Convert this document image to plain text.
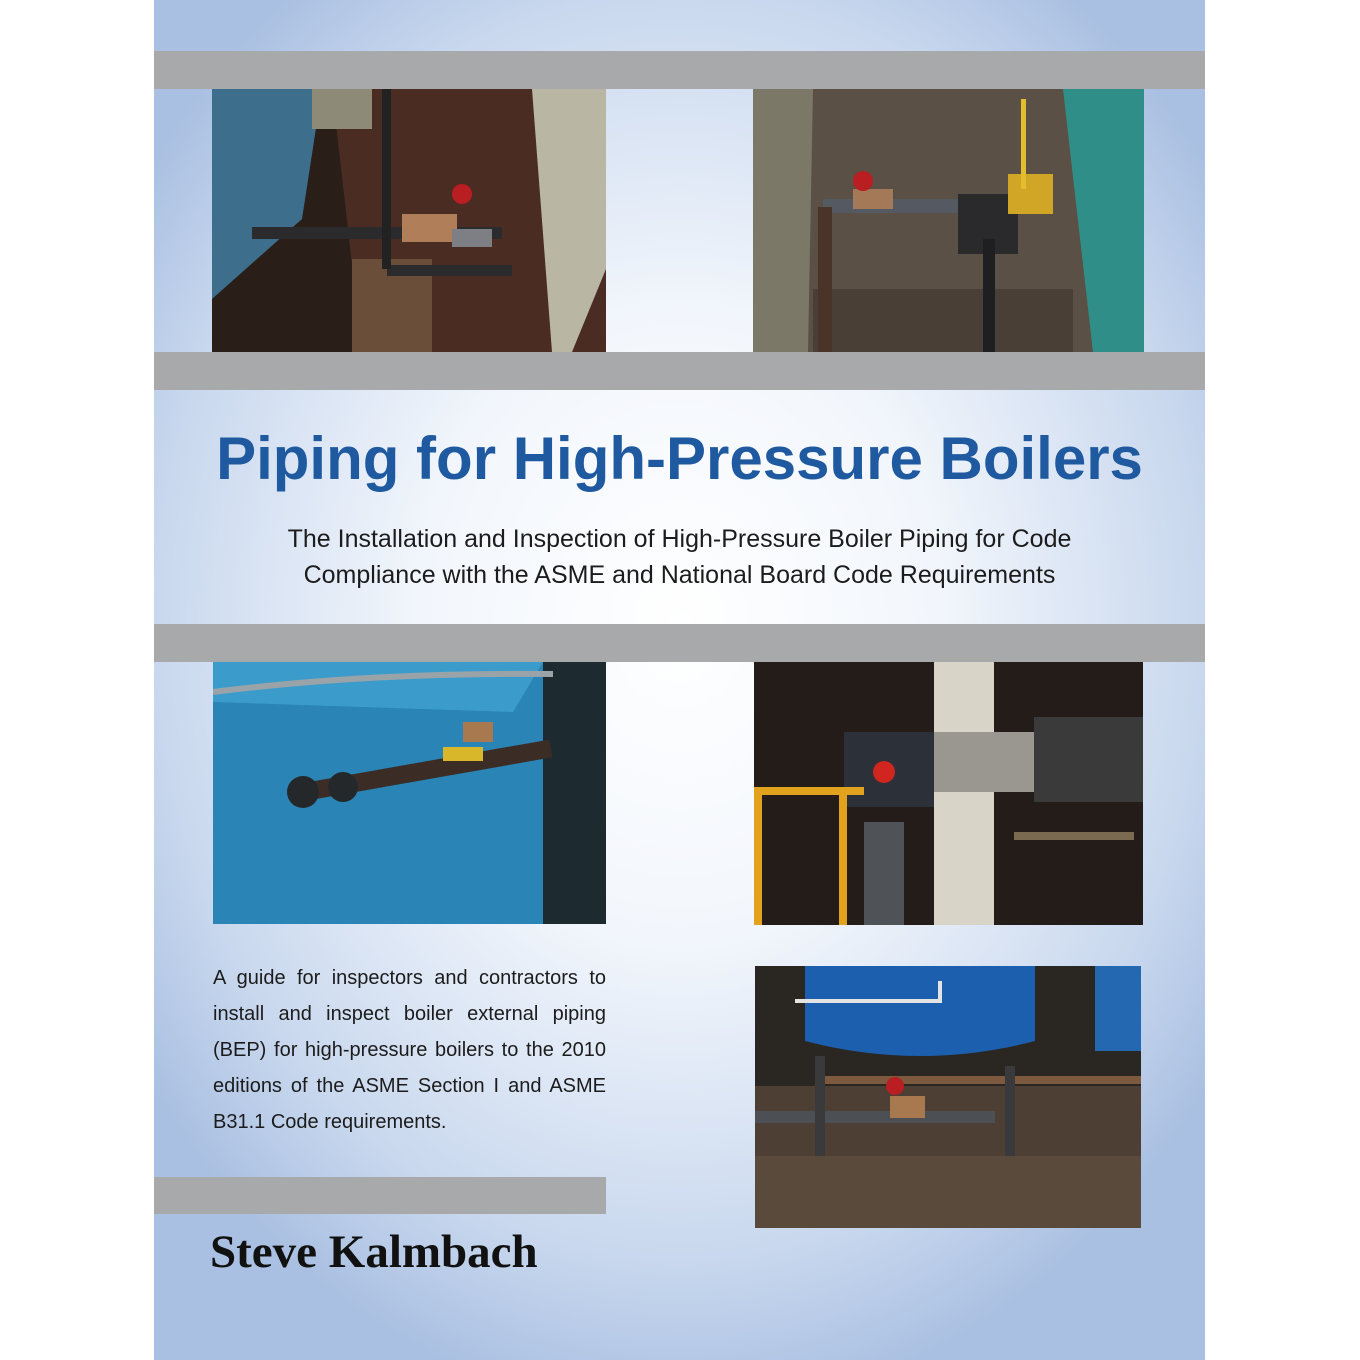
Piping for High-Pressure Boilers
The Installation and Inspection of High-Pressure Boiler Piping for Code
Compliance with the ASME and National Board Code Requirements
A guide for inspectors and contractors to install and inspect boiler external piping (BEP) for high-pressure boilers to the 2010 editions of the ASME Section I and ASME B31.1 Code requirements.
Steve Kalmbach
